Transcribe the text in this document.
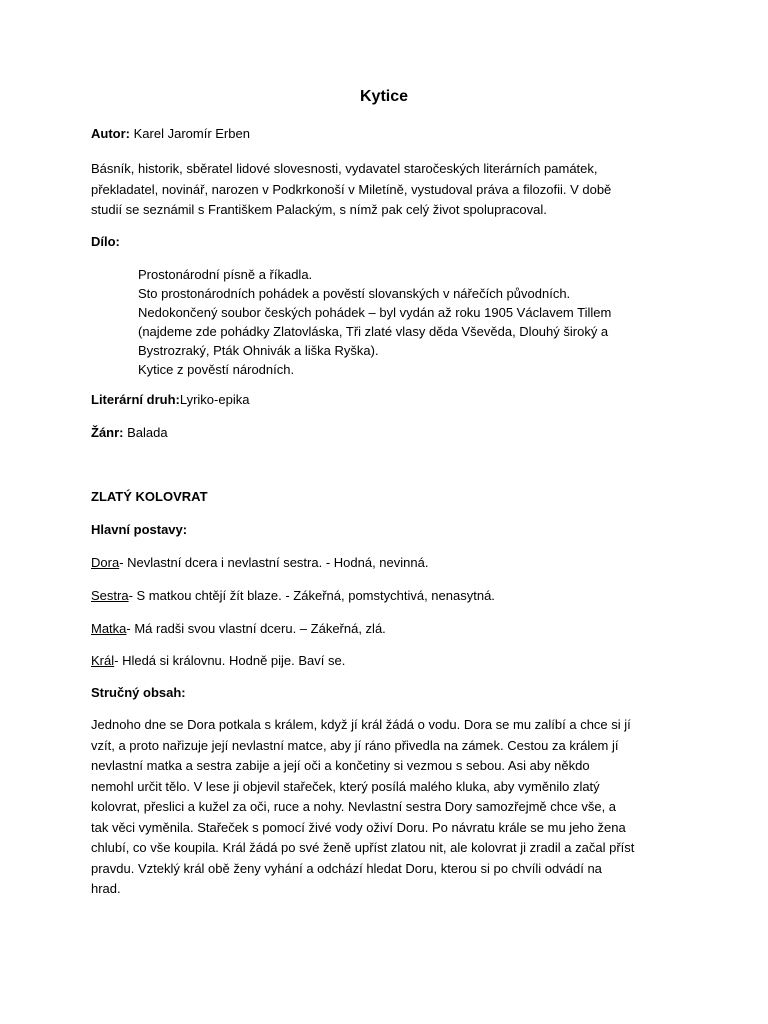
Kytice
Autor: Karel Jaromír Erben
Básník, historik, sběratel lidové slovesnosti, vydavatel staročeských literárních památek,
překladatel, novinář, narozen v Podkrkonoší v Miletíně, vystudoval práva a filozofii. V době
studií se seznámil s Františkem Palackým, s nímž pak celý život spolupracoval.
Dílo:
Prostonárodní písně a říkadla.
Sto prostonárodních pohádek a pověstí slovanských v nářečích původních.
Nedokončený soubor českých pohádek – byl vydán až roku 1905 Václavem Tillem
(najdeme zde pohádky Zlatovláska, Tři zlaté vlasy děda Vševěda, Dlouhý široký a
Bystrozraký, Pták Ohnivák a liška Ryška).
Kytice z pověstí národních.
Literární druh:Lyriko-epika
Žánr: Balada
ZLATÝ KOLOVRAT
Hlavní postavy:
Dora- Nevlastní dcera i nevlastní sestra. - Hodná, nevinná.
Sestra- S matkou chtějí žít blaze. - Zákeřná, pomstychtivá, nenasytná.
Matka- Má radši svou vlastní dceru. – Zákeřná, zlá.
Král- Hledá si královnu. Hodně pije. Baví se.
Stručný obsah:
Jednoho dne se Dora potkala s králem, když jí král žádá o vodu. Dora se mu zalíbí a chce si jí
vzít, a proto nařizuje její nevlastní matce, aby jí ráno přivedla na zámek. Cestou za králem jí
nevlastní matka a sestra zabije a její oči a končetiny si vezmou s sebou. Asi aby někdo
nemohl určit tělo. V lese ji objevil stařeček, který posílá malého kluka, aby vyměnilo zlatý
kolovrat, přeslici a kužel za oči, ruce a nohy. Nevlastní sestra Dory samozřejmě chce vše, a
tak věci vyměnila. Stařeček s pomocí živé vody oživí Doru. Po návratu krále se mu jeho žena
chlubí, co vše koupila. Král žádá po své ženě upříst zlatou nit, ale kolovrat ji zradil a začal příst
pravdu. Vzteklý král obě ženy vyhání a odchází hledat Doru, kterou si po chvíli odvádí na
hrad.
